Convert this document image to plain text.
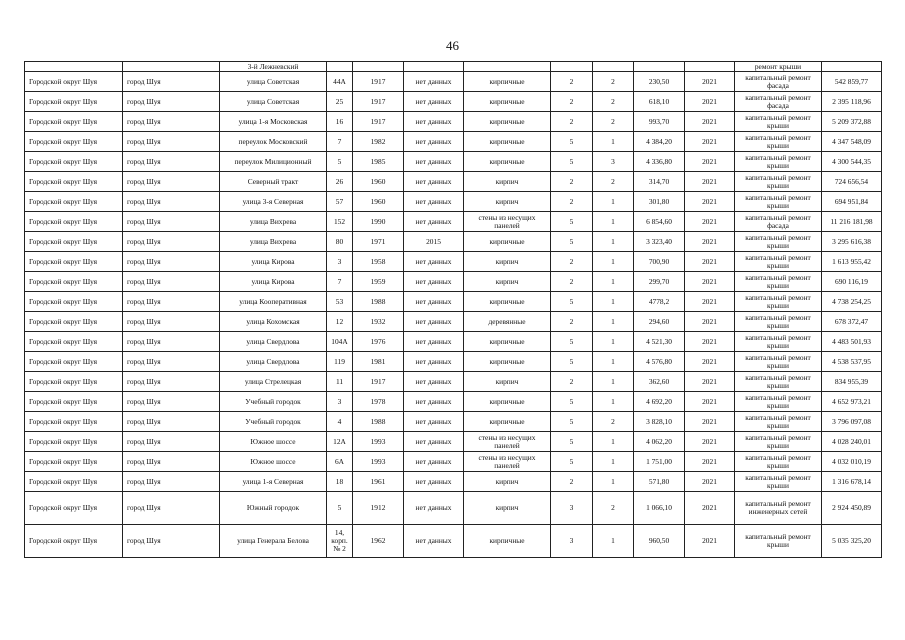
46
		3-й Лежневский									ремонт крыши	
Городской округ Шуя	город Шуя	улица Советская	44А	1917	нет данных	кирпичные	2	2	230,50	2021	капитальный ремонт фасада	542 859,77
Городской округ Шуя	город Шуя	улица Советская	25	1917	нет данных	кирпичные	2	2	618,10	2021	капитальный ремонт фасада	2 395 118,96
Городской округ Шуя	город Шуя	улица 1-я Московская	16	1917	нет данных	кирпичные	2	2	993,70	2021	капитальный ремонт крыши	5 209 372,88
Городской округ Шуя	город Шуя	переулок Московский	7	1982	нет данных	кирпичные	5	1	4 384,20	2021	капитальный ремонт крыши	4 347 548,09
Городской округ Шуя	город Шуя	переулок Милиционный	5	1985	нет данных	кирпичные	5	3	4 336,80	2021	капитальный ремонт крыши	4 300 544,35
Городской округ Шуя	город Шуя	Северный тракт	26	1960	нет данных	кирпич	2	2	314,70	2021	капитальный ремонт крыши	724 656,54
Городской округ Шуя	город Шуя	улица 3-я Северная	57	1960	нет данных	кирпич	2	1	301,80	2021	капитальный ремонт крыши	694 951,84
Городской округ Шуя	город Шуя	улица Вихрева	152	1990	нет данных	стены из несущих панелей	5	1	6 854,60	2021	капитальный ремонт фасада	11 216 181,98
Городской округ Шуя	город Шуя	улица Вихрева	80	1971	2015	кирпичные	5	1	3 323,40	2021	капитальный ремонт крыши	3 295 616,38
Городской округ Шуя	город Шуя	улица Кирова	3	1958	нет данных	кирпич	2	1	700,90	2021	капитальный ремонт крыши	1 613 955,42
Городской округ Шуя	город Шуя	улица Кирова	7	1959	нет данных	кирпич	2	1	299,70	2021	капитальный ремонт крыши	690 116,19
Городской округ Шуя	город Шуя	улица Кооперативная	53	1988	нет данных	кирпичные	5	1	4778,2	2021	капитальный ремонт крыши	4 738 254,25
Городской округ Шуя	город Шуя	улица Кохомская	12	1932	нет данных	деревянные	2	1	294,60	2021	капитальный ремонт крыши	678 372,47
Городской округ Шуя	город Шуя	улица Свердлова	104А	1976	нет данных	кирпичные	5	1	4 521,30	2021	капитальный ремонт крыши	4 483 501,93
Городской округ Шуя	город Шуя	улица Свердлова	119	1981	нет данных	кирпичные	5	1	4 576,80	2021	капитальный ремонт крыши	4 538 537,95
Городской округ Шуя	город Шуя	улица Стрелецкая	11	1917	нет данных	кирпич	2	1	362,60	2021	капитальный ремонт крыши	834 955,39
Городской округ Шуя	город Шуя	Учебный городок	3	1978	нет данных	кирпичные	5	1	4 692,20	2021	капитальный ремонт крыши	4 652 973,21
Городской округ Шуя	город Шуя	Учебный городок	4	1988	нет данных	кирпичные	5	2	3 828,10	2021	капитальный ремонт крыши	3 796 097,08
Городской округ Шуя	город Шуя	Южное шоссе	12А	1993	нет данных	стены из несущих панелей	5	1	4 062,20	2021	капитальный ремонт крыши	4 028 240,01
Городской округ Шуя	город Шуя	Южное шоссе	6А	1993	нет данных	стены из несущих панелей	5	1	1 751,00	2021	капитальный ремонт крыши	4 032 010,19
Городской округ Шуя	город Шуя	улица 1-я Северная	18	1961	нет данных	кирпич	2	1	571,80	2021	капитальный ремонт крыши	1 316 678,14
Городской округ Шуя	город Шуя	Южный городок	5	1912	нет данных	кирпич	3	2	1 066,10	2021	капитальный ремонт инженерных сетей	2 924 450,89
Городской округ Шуя	город Шуя	улица Генерала Белова	14, корп. № 2	1962	нет данных	кирпичные	3	1	960,50	2021	капитальный ремонт крыши	5 035 325,20
